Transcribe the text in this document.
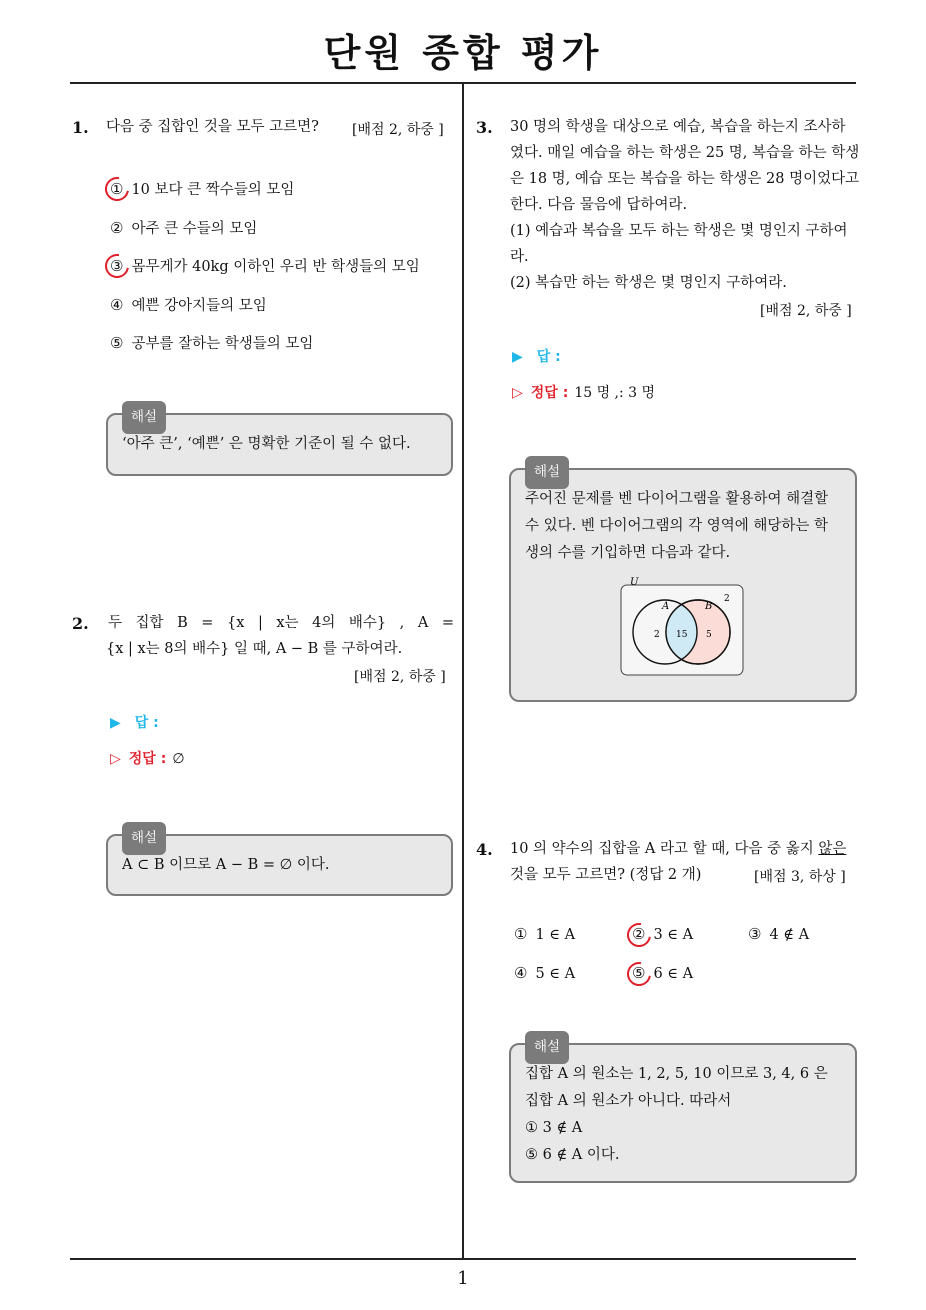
단원 종합 평가
1
1. 다음 중 집합인 것을 모두 고르면? [배점 2, 하중 ]
① 10 보다 큰 짝수들의 모임
② 아주 큰 수들의 모임
③ 몸무게가 40kg 이하인 우리 반 학생들의 모임
④ 예쁜 강아지들의 모임
⑤ 공부를 잘하는 학생들의 모임
해설
‘아주 큰’, ‘예쁜’ 은 명확한 기준이 될 수 없다.
2. 두 집합 B = {x | x는 4의 배수} , A =
{x | x는 8의 배수} 일 때, A − B 를 구하여라.
[배점 2, 하중 ]
▶ 답 :
▷ 정답 : ∅
해설
A ⊂ B 이므로 A − B = ∅ 이다.
3. 30 명의 학생을 대상으로 예습, 복습을 하는지 조사하
였다. 매일 예습을 하는 학생은 25 명, 복습을 하는 학생
은 18 명, 예습 또는 복습을 하는 학생은 28 명이었다고
한다. 다음 물음에 답하여라.
(1) 예습과 복습을 모두 하는 학생은 몇 명인지 구하여
라.
(2) 복습만 하는 학생은 몇 명인지 구하여라.
[배점 2, 하중 ]
▶ 답 :
▷ 정답 : 15 명 ,: 3 명
해설
주어진 문제를 벤 다이어그램을 활용하여 해결할
수 있다. 벤 다이어그램의 각 영역에 해당하는 학
생의 수를 기입하면 다음과 같다.
U
A	B
2
2 15 5
4. 10 의 약수의 집합을 A 라고 할 때, 다음 중 옳지 않은
것을 모두 고르면? (정답 2 개)	[배점 3, 하상 ]
① 1 ∈ A	② 3 ∈ A	③ 4 ∉ A
④ 5 ∈ A	⑤ 6 ∈ A
해설
집합 A 의 원소는 1, 2, 5, 10 이므로 3, 4, 6 은
집합 A 의 원소가 아니다. 따라서
① 3 ∉ A
⑤ 6 ∉ A 이다.
